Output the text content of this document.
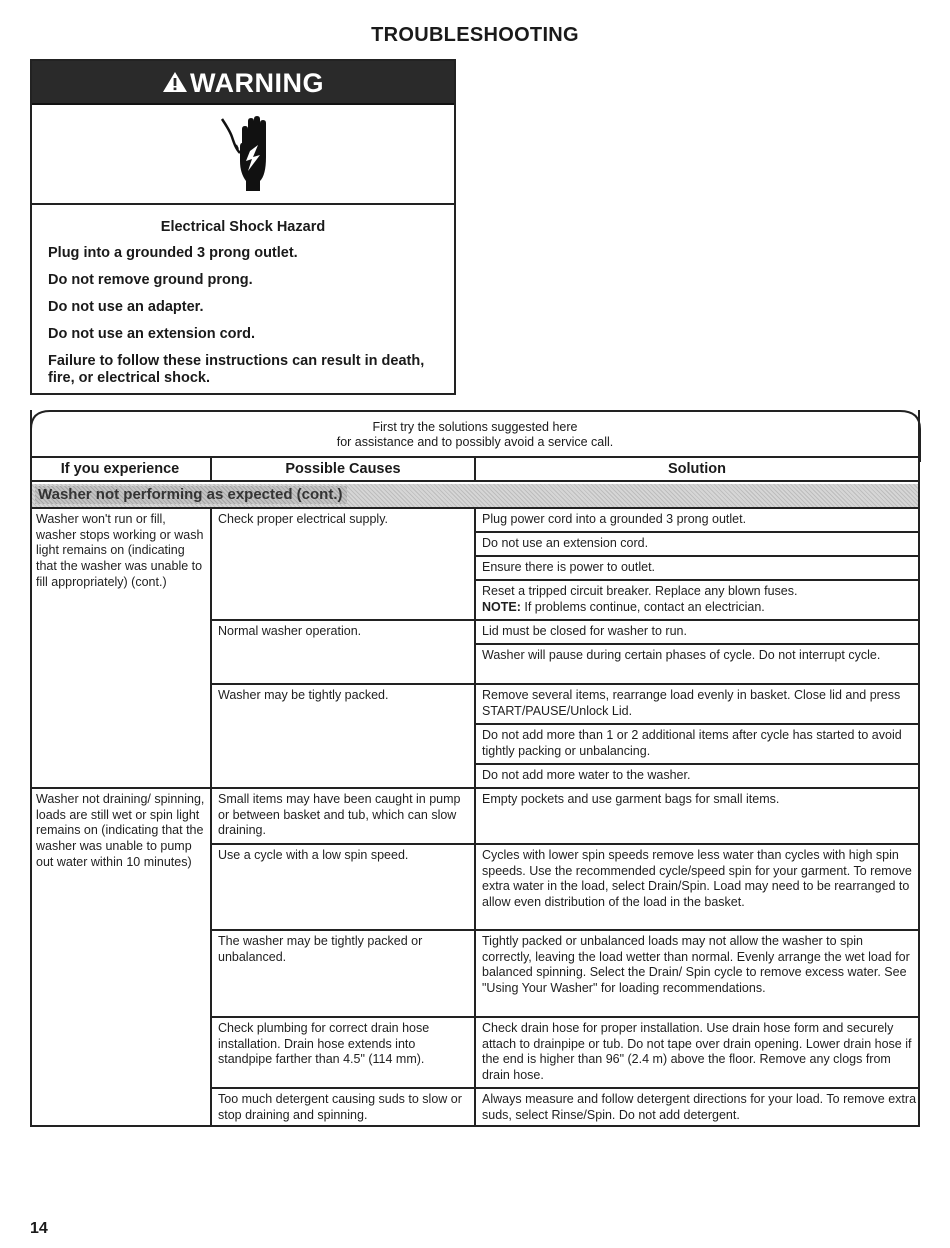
TROUBLESHOOTING
WARNING
Electrical Shock Hazard
Plug into a grounded 3 prong outlet.
Do not remove ground prong.
Do not use an adapter.
Do not use an extension cord.
Failure to follow these instructions can result in death, fire, or electrical shock.
First try the solutions suggested here
for assistance and to possibly avoid a service call.
If you experience	Possible Causes	Solution
Washer not performing as expected (cont.)
Washer won't run or fill, washer stops working or wash light remains on (indicating that the washer was unable to fill appropriately) (cont.)
Washer not draining/ spinning, loads are still wet or spin light remains on (indicating that the washer was unable to pump out water within 10 minutes)
Check proper electrical supply.
Normal washer operation.
Washer may be tightly packed.
Small items may have been caught in pump or between basket and tub, which can slow draining.
Use a cycle with a low spin speed.
The washer may be tightly packed or unbalanced.
Check plumbing for correct drain hose installation. Drain hose extends into standpipe farther than 4.5" (114 mm).
Too much detergent causing suds to slow or stop draining and spinning.
Plug power cord into a grounded 3 prong outlet.
Do not use an extension cord.
Ensure there is power to outlet.
Reset a tripped circuit breaker. Replace any blown fuses.
NOTE: If problems continue, contact an electrician.
Lid must be closed for washer to run.
Washer will pause during certain phases of cycle. Do not interrupt cycle.
Remove several items, rearrange load evenly in basket. Close lid and press START/PAUSE/Unlock Lid.
Do not add more than 1 or 2 additional items after cycle has started to avoid tightly packing or unbalancing.
Do not add more water to the washer.
Empty pockets and use garment bags for small items.
Cycles with lower spin speeds remove less water than cycles with high spin speeds. Use the recommended cycle/speed spin for your garment. To remove extra water in the load, select Drain/Spin. Load may need to be rearranged to allow even distribution of the load in the basket.
Tightly packed or unbalanced loads may not allow the washer to spin correctly, leaving the load wetter than normal. Evenly arrange the wet load for balanced spinning. Select the Drain/ Spin cycle to remove excess water. See "Using Your Washer" for loading recommendations.
Check drain hose for proper installation. Use drain hose form and securely attach to drainpipe or tub. Do not tape over drain opening. Lower drain hose if the end is higher than 96" (2.4 m) above the floor. Remove any clogs from drain hose.
Always measure and follow detergent directions for your load. To remove extra suds, select Rinse/Spin. Do not add detergent.
14
